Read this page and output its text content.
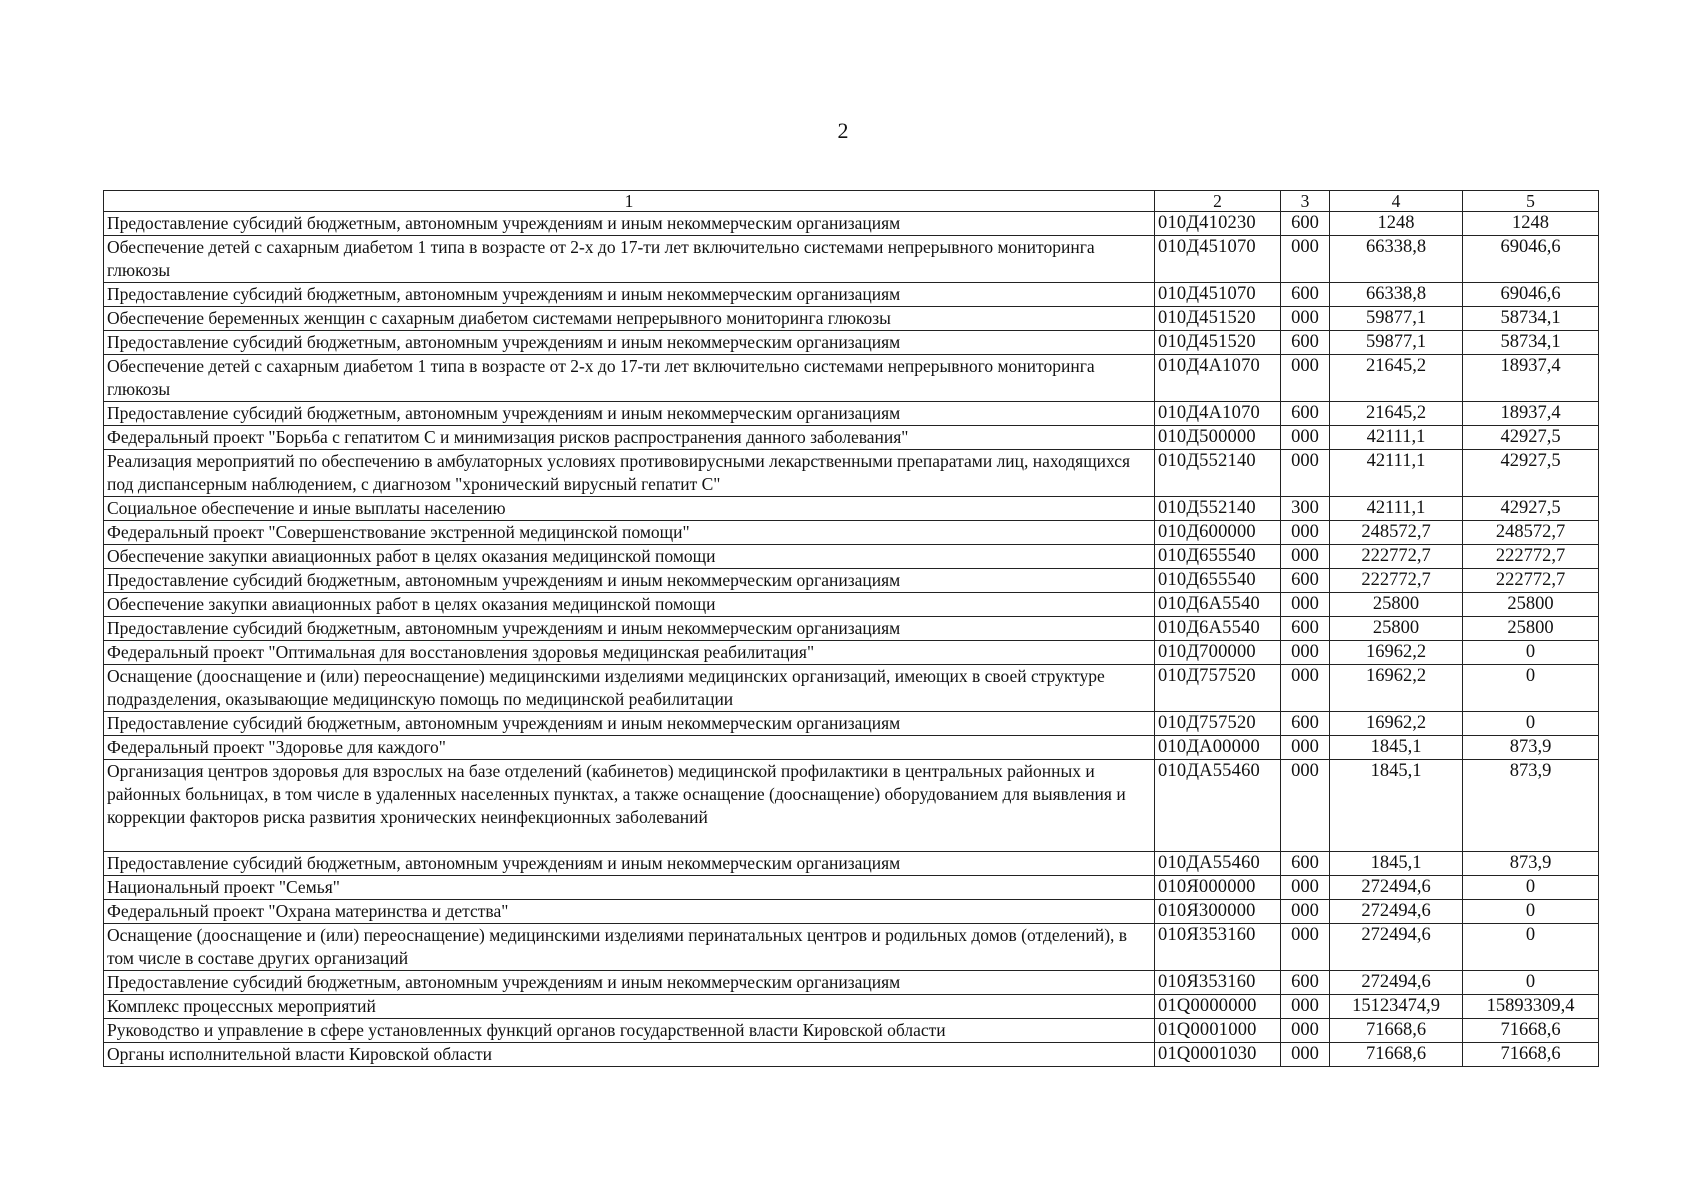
2
1	2	3	4	5
Предоставление субсидий бюджетным, автономным учреждениям и иным некоммерческим организациям	010Д410230	600	1248	1248
Обеспечение детей с сахарным диабетом 1 типа в возрасте от 2-х до 17-ти лет включительно системами непрерывного мониторинга глюкозы	010Д451070	000	66338,8	69046,6
Предоставление субсидий бюджетным, автономным учреждениям и иным некоммерческим организациям	010Д451070	600	66338,8	69046,6
Обеспечение беременных женщин с сахарным диабетом системами непрерывного мониторинга глюкозы	010Д451520	000	59877,1	58734,1
Предоставление субсидий бюджетным, автономным учреждениям и иным некоммерческим организациям	010Д451520	600	59877,1	58734,1
Обеспечение детей с сахарным диабетом 1 типа в возрасте от 2-х до 17-ти лет включительно системами непрерывного мониторинга глюкозы	010Д4А1070	000	21645,2	18937,4
Предоставление субсидий бюджетным, автономным учреждениям и иным некоммерческим организациям	010Д4А1070	600	21645,2	18937,4
Федеральный проект "Борьба с гепатитом С и минимизация рисков распространения данного заболевания"	010Д500000	000	42111,1	42927,5
Реализация мероприятий по обеспечению в амбулаторных условиях противовирусными лекарственными препаратами лиц, находящихся под диспансерным наблюдением, с диагнозом "хронический вирусный гепатит С"	010Д552140	000	42111,1	42927,5
Социальное обеспечение и иные выплаты населению	010Д552140	300	42111,1	42927,5
Федеральный проект "Совершенствование экстренной медицинской помощи"	010Д600000	000	248572,7	248572,7
Обеспечение закупки авиационных работ в целях оказания медицинской помощи	010Д655540	000	222772,7	222772,7
Предоставление субсидий бюджетным, автономным учреждениям и иным некоммерческим организациям	010Д655540	600	222772,7	222772,7
Обеспечение закупки авиационных работ в целях оказания медицинской помощи	010Д6А5540	000	25800	25800
Предоставление субсидий бюджетным, автономным учреждениям и иным некоммерческим организациям	010Д6А5540	600	25800	25800
Федеральный проект "Оптимальная для восстановления здоровья медицинская реабилитация"	010Д700000	000	16962,2	0
Оснащение (дооснащение и (или) переоснащение) медицинскими изделиями медицинских организаций, имеющих в своей структуре подразделения, оказывающие медицинскую помощь по медицинской реабилитации	010Д757520	000	16962,2	0
Предоставление субсидий бюджетным, автономным учреждениям и иным некоммерческим организациям	010Д757520	600	16962,2	0
Федеральный проект "Здоровье для каждого"	010ДА00000	000	1845,1	873,9
Организация центров здоровья для взрослых на базе отделений (кабинетов) медицинской профилактики в центральных районных и районных больницах, в том числе в удаленных населенных пунктах, а также оснащение (дооснащение) оборудованием для выявления и коррекции факторов риска развития хронических неинфекционных заболеваний	010ДА55460	000	1845,1	873,9
Предоставление субсидий бюджетным, автономным учреждениям и иным некоммерческим организациям	010ДА55460	600	1845,1	873,9
Национальный проект "Семья"	010Я000000	000	272494,6	0
Федеральный проект "Охрана материнства и детства"	010Я300000	000	272494,6	0
Оснащение (дооснащение и (или) переоснащение) медицинскими изделиями перинатальных центров и родильных домов (отделений), в том числе в составе других организаций	010Я353160	000	272494,6	0
Предоставление субсидий бюджетным, автономным учреждениям и иным некоммерческим организациям	010Я353160	600	272494,6	0
Комплекс процессных мероприятий	01Q0000000	000	15123474,9	15893309,4
Руководство и управление в сфере установленных функций органов государственной власти Кировской области	01Q0001000	000	71668,6	71668,6
Органы исполнительной власти Кировской области	01Q0001030	000	71668,6	71668,6
